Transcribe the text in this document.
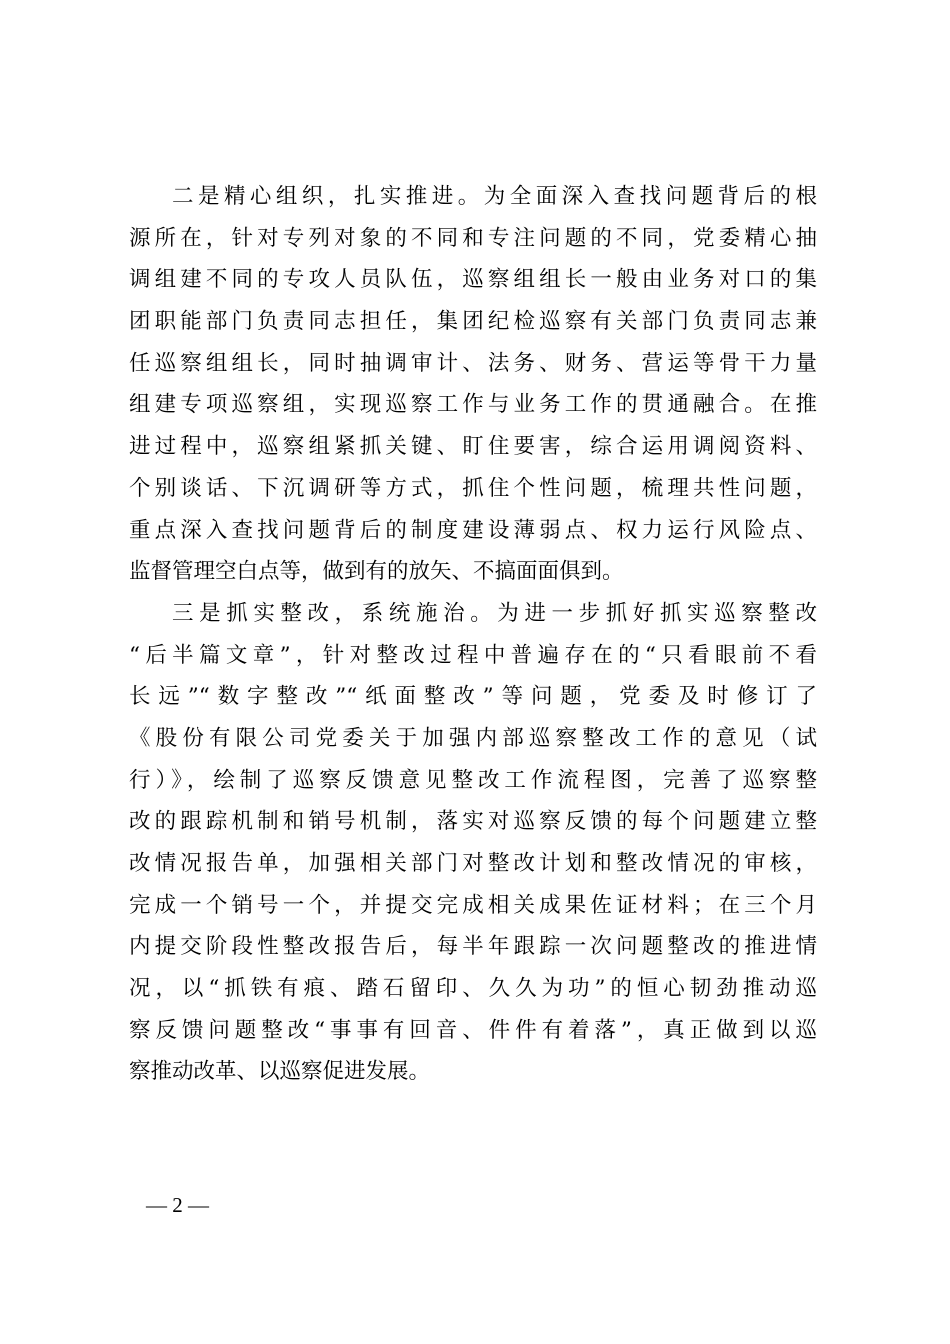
二是精心组织，扎实推进。为全面深入查找问题背后的根
源所在，针对专列对象的不同和专注问题的不同，党委精心抽
调组建不同的专攻人员队伍，巡察组组长一般由业务对口的集
团职能部门负责同志担任，集团纪检巡察有关部门负责同志兼
任巡察组组长，同时抽调审计、法务、财务、营运等骨干力量
组建专项巡察组，实现巡察工作与业务工作的贯通融合。在推
进过程中，巡察组紧抓关键、盯住要害，综合运用调阅资料、
个别谈话、下沉调研等方式，抓住个性问题，梳理共性问题，
重点深入查找问题背后的制度建设薄弱点、权力运行风险点、
监督管理空白点等，做到有的放矢、不搞面面俱到。
三是抓实整改，系统施治。为进一步抓好抓实巡察整改
“后半篇文章”，针对整改过程中普遍存在的“只看眼前不看
长远”“数字整改”“纸面整改”等问题，党委及时修订了
《股份有限公司党委关于加强内部巡察整改工作的意见（试
行）》，绘制了巡察反馈意见整改工作流程图，完善了巡察整
改的跟踪机制和销号机制，落实对巡察反馈的每个问题建立整
改情况报告单，加强相关部门对整改计划和整改情况的审核，
完成一个销号一个，并提交完成相关成果佐证材料；在三个月
内提交阶段性整改报告后，每半年跟踪一次问题整改的推进情
况，以“抓铁有痕、踏石留印、久久为功”的恒心韧劲推动巡
察反馈问题整改“事事有回音、件件有着落”，真正做到以巡
察推动改革、以巡察促进发展。
— 2 —
